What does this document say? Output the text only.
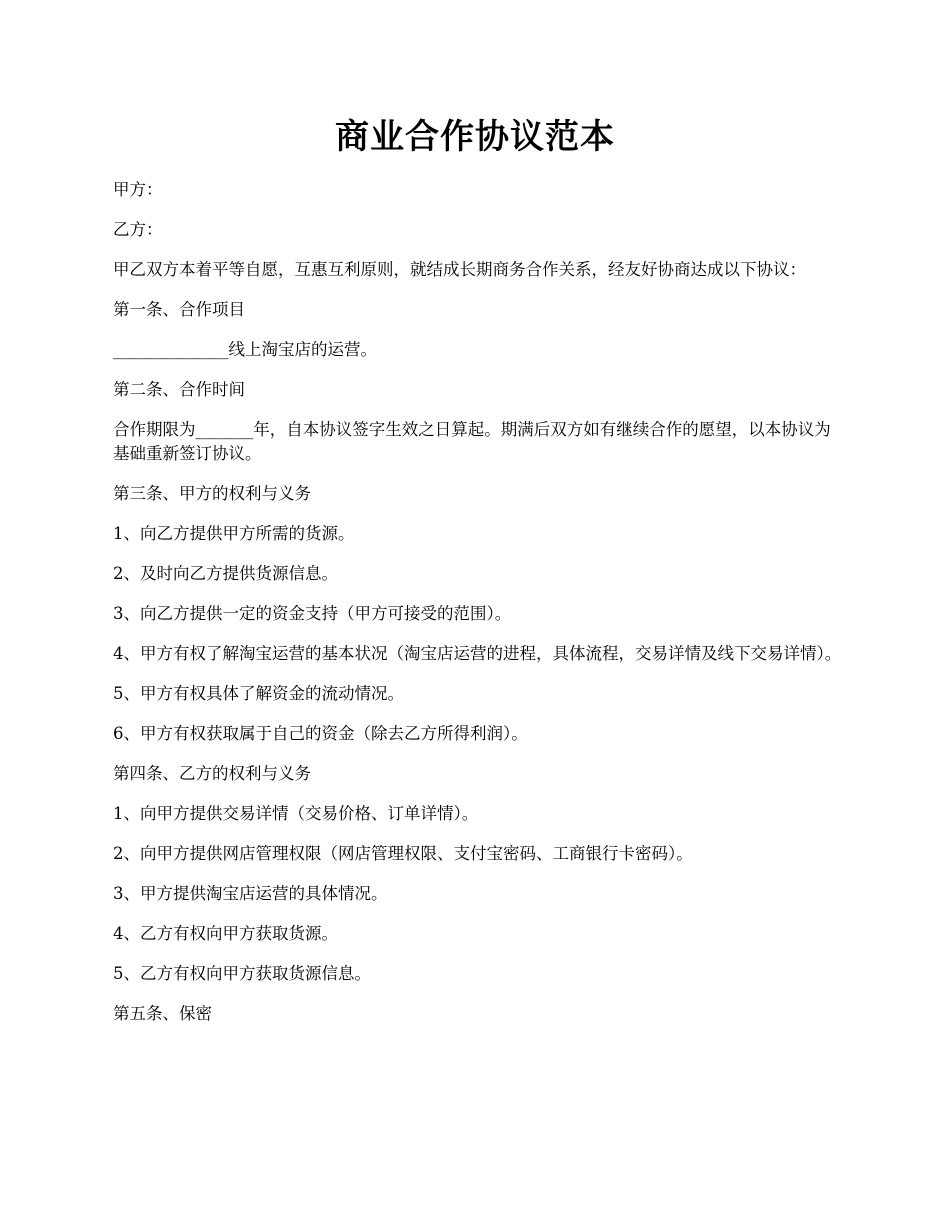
商业合作协议范本

甲方：

乙方：

甲乙双方本着平等自愿，互惠互利原则，就结成长期商务合作关系，经友好协商达成以下协议：

第一条、合作项目

______________线上淘宝店的运营。

第二条、合作时间

合作期限为_______年，自本协议签字生效之日算起。期满后双方如有继续合作的愿望，以本协议为基础重新签订协议。

第三条、甲方的权利与义务

1、向乙方提供甲方所需的货源。

2、及时向乙方提供货源信息。

3、向乙方提供一定的资金支持（甲方可接受的范围）。

4、甲方有权了解淘宝运营的基本状况（淘宝店运营的进程，具体流程，交易详情及线下交易详情）。

5、甲方有权具体了解资金的流动情况。

6、甲方有权获取属于自己的资金（除去乙方所得利润）。

第四条、乙方的权利与义务

1、向甲方提供交易详情（交易价格、订单详情）。

2、向甲方提供网店管理权限（网店管理权限、支付宝密码、工商银行卡密码）。

3、甲方提供淘宝店运营的具体情况。

4、乙方有权向甲方获取货源。

5、乙方有权向甲方获取货源信息。

第五条、保密
